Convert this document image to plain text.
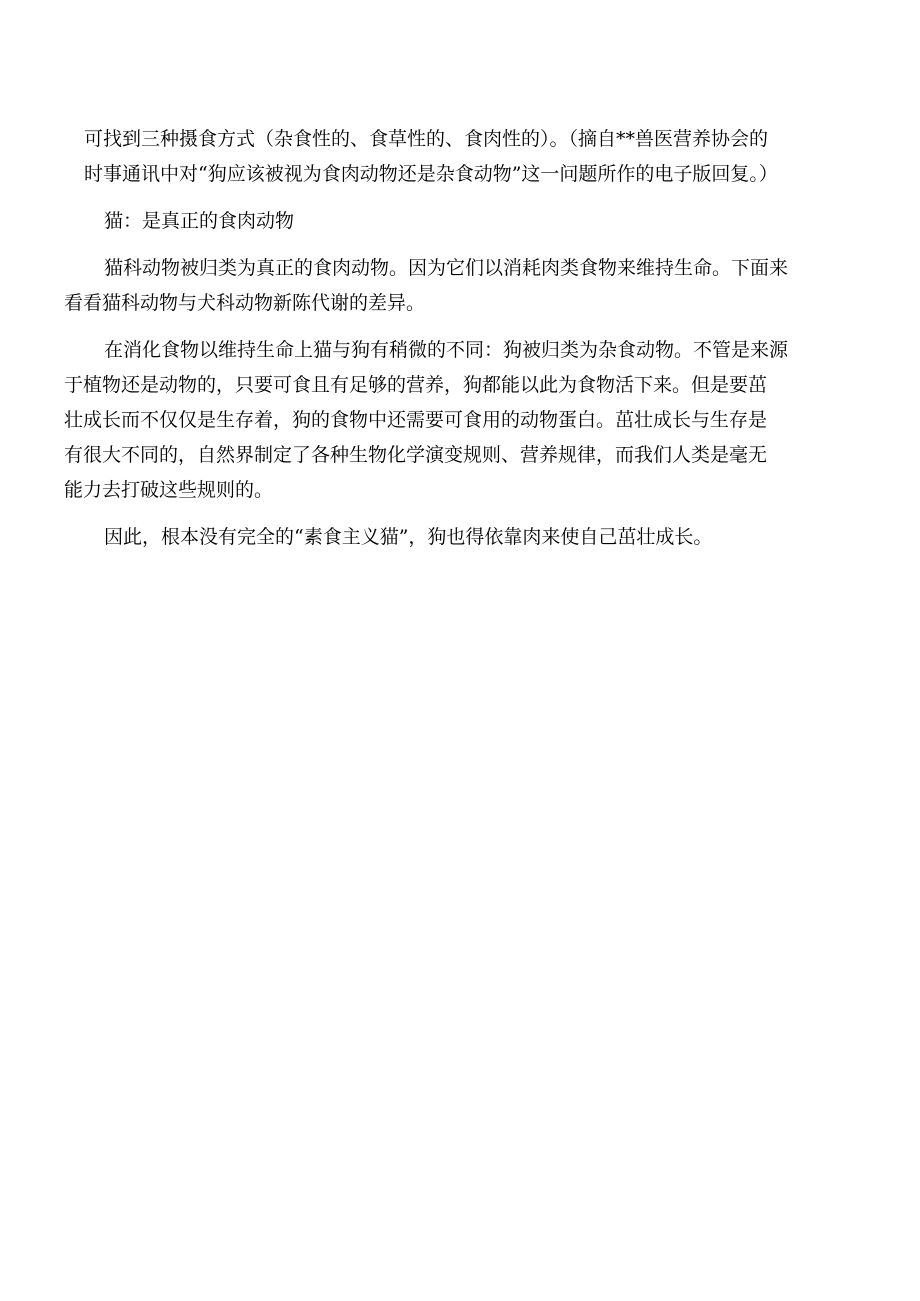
可找到三种摄食方式（杂食性的、食草性的、食肉性的）。（摘自**兽医营养协会的
时事通讯中对“狗应该被视为食肉动物还是杂食动物”这一问题所作的电子版回复。）

猫：是真正的食肉动物

猫科动物被归类为真正的食肉动物。因为它们以消耗肉类食物来维持生命。下面来
看看猫科动物与犬科动物新陈代谢的差异。

在消化食物以维持生命上猫与狗有稍微的不同：狗被归类为杂食动物。不管是来源
于植物还是动物的，只要可食且有足够的营养，狗都能以此为食物活下来。但是要茁
壮成长而不仅仅是生存着，狗的食物中还需要可食用的动物蛋白。茁壮成长与生存是
有很大不同的，自然界制定了各种生物化学演变规则、营养规律，而我们人类是毫无
能力去打破这些规则的。

因此，根本没有完全的“素食主义猫”，狗也得依靠肉来使自己茁壮成长。
